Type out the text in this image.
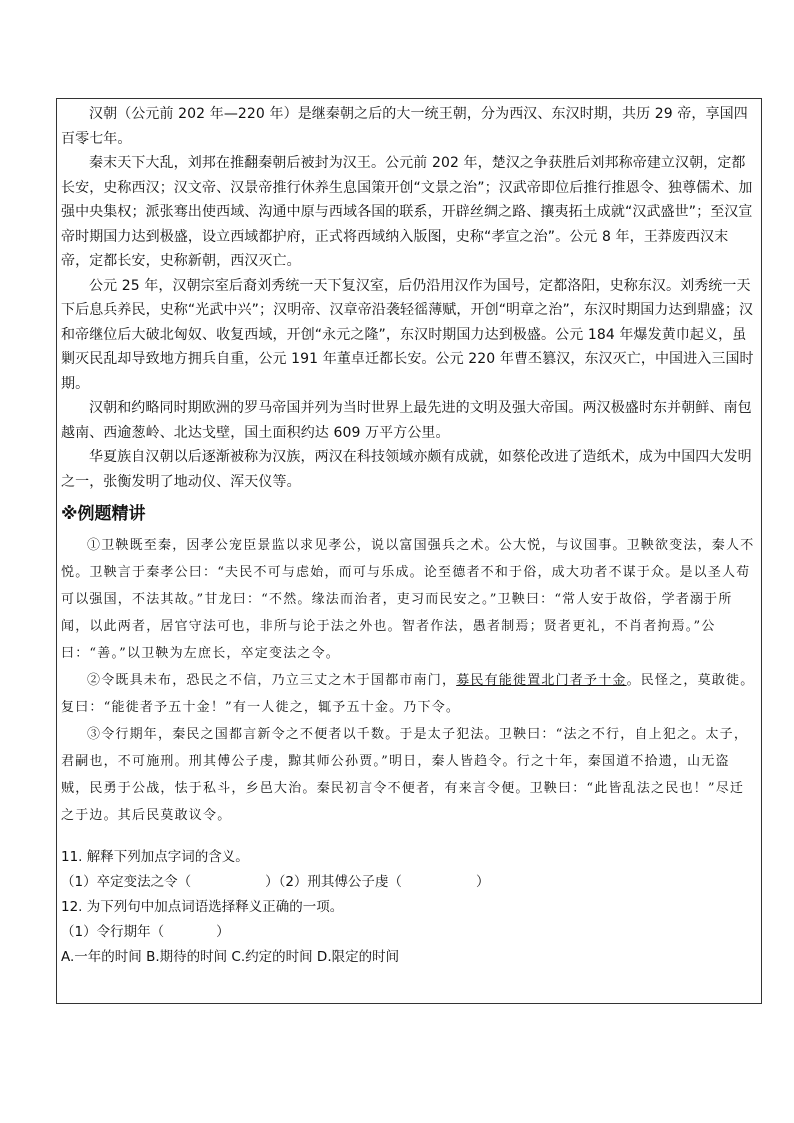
汉朝（公元前 202 年—220 年）是继秦朝之后的大一统王朝，分为西汉、东汉时期，共历 29 帝，享国四百零七年。

秦末天下大乱，刘邦在推翻秦朝后被封为汉王。公元前 202 年，楚汉之争获胜后刘邦称帝建立汉朝，定都长安，史称西汉；汉文帝、汉景帝推行休养生息国策开创“文景之治”；汉武帝即位后推行推恩令、独尊儒术、加强中央集权；派张骞出使西域、沟通中原与西域各国的联系，开辟丝绸之路、攘夷拓土成就“汉武盛世”；至汉宣帝时期国力达到极盛，设立西域都护府，正式将西域纳入版图，史称“孝宣之治”。公元 8 年，王莽废西汉末帝，定都长安，史称新朝，西汉灭亡。

公元 25 年，汉朝宗室后裔刘秀统一天下复汉室，后仍沿用汉作为国号，定都洛阳，史称东汉。刘秀统一天下后息兵养民，史称“光武中兴”；汉明帝、汉章帝沿袭轻徭薄赋，开创“明章之治”，东汉时期国力达到鼎盛；汉和帝继位后大破北匈奴、收复西域，开创“永元之隆”，东汉时期国力达到极盛。公元 184 年爆发黄巾起义，虽剿灭民乱却导致地方拥兵自重，公元 191 年董卓迁都长安。公元 220 年曹丕篡汉，东汉灭亡，中国进入三国时期。

汉朝和约略同时期欧洲的罗马帝国并列为当时世界上最先进的文明及强大帝国。两汉极盛时东并朝鲜、南包越南、西逾葱岭、北达戈壁，国土面积约达 609 万平方公里。

华夏族自汉朝以后逐渐被称为汉族，两汉在科技领域亦颇有成就，如蔡伦改进了造纸术，成为中国四大发明之一，张衡发明了地动仪、浑天仪等。

※例题精讲

①卫鞅既至秦，因孝公宠臣景监以求见孝公，说以富国强兵之术。公大悦，与议国事。卫鞅欲变法，秦人不悦。卫鞅言于秦孝公曰：“夫民不可与虑始，而可与乐成。论至德者不和于俗，成大功者不谋于众。是以圣人苟可以强国，不法其故。”甘龙曰：“不然。缘法而治者，吏习而民安之。”卫鞅曰：“常人安于故俗，学者溺于所闻，以此两者，居官守法可也，非所与论于法之外也。智者作法，愚者制焉；贤者更礼，不肖者拘焉。”公曰：“善。”以卫鞅为左庶长，卒定变法之令。

②令既具未布，恐民之不信，乃立三丈之木于国都市南门，募民有能徙置北门者予十金。民怪之，莫敢徙。复曰：“能徙者予五十金！”有一人徙之，辄予五十金。乃下令。

③令行期年，秦民之国都言新令之不便者以千数。于是太子犯法。卫鞅曰：“法之不行，自上犯之。太子，君嗣也，不可施刑。刑其傅公子虔，黥其师公孙贾。”明日，秦人皆趋令。行之十年，秦国道不拾遗，山无盗贼，民勇于公战，怯于私斗，乡邑大治。秦民初言令不便者，有来言令便。卫鞅曰：“此皆乱法之民也！”尽迁之于边。其后民莫敢议令。

11. 解释下列加点字词的含义。

（1）卒定变法之令（	）（2）刑其傅公子虔（	）

12. 为下列句中加点词语选择释义正确的一项。

（1）令行期年（	）

A.一年的时间 B.期待的时间 C.约定的时间 D.限定的时间
